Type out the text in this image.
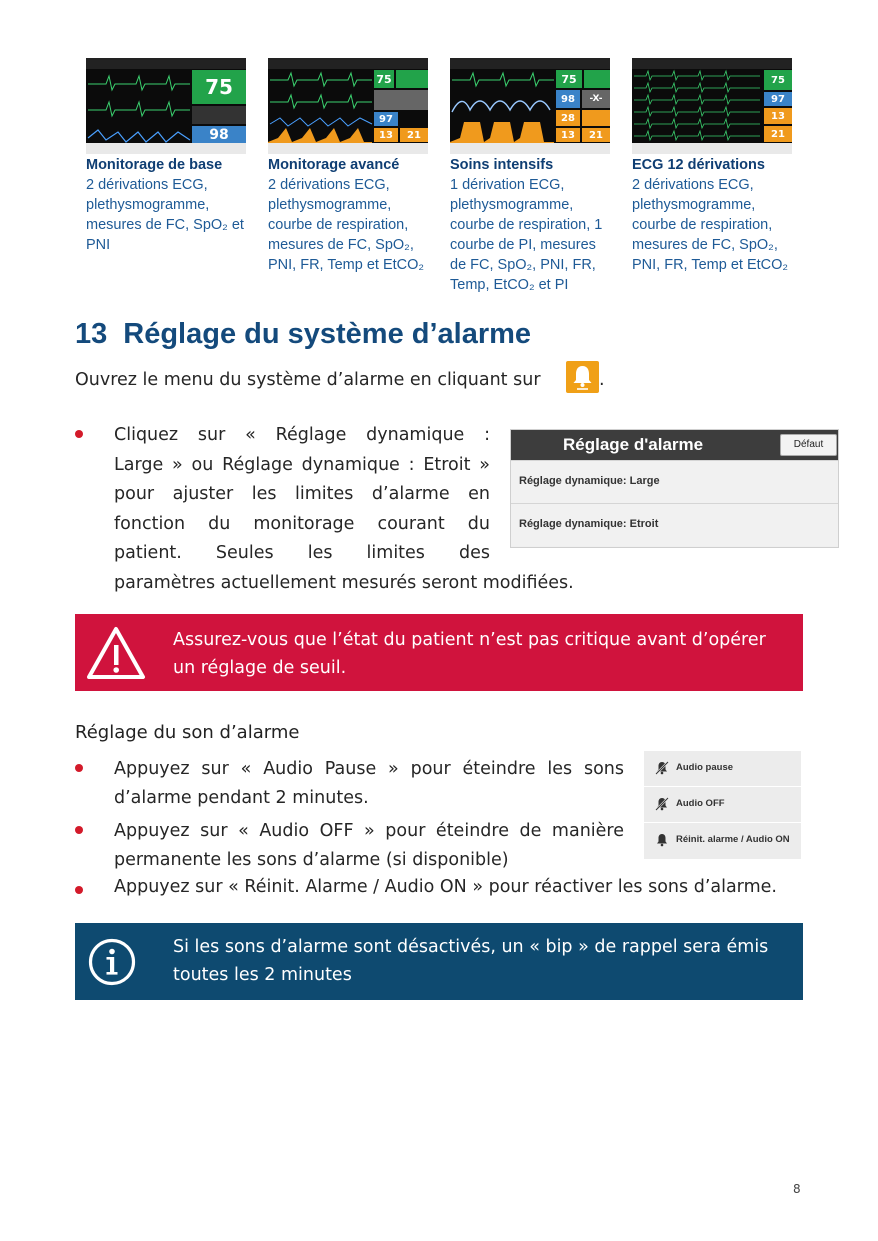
75
98
75
97
13 21
75
98 -X-
28
13 21
75
97
13
21
Monitorage de base
2 dérivations ECG,
plethysmogramme,
mesures de FC, SpO₂ et
PNI
Monitorage avancé
2 dérivations ECG,
plethysmogramme,
courbe de respiration,
mesures de FC, SpO₂,
PNI, FR, Temp et EtCO₂
Soins intensifs
1 dérivation ECG,
plethysmogramme,
courbe de respiration, 1
courbe de PI, mesures
de FC, SpO₂, PNI, FR,
Temp, EtCO₂ et PI
ECG 12 dérivations
2 dérivations ECG,
plethysmogramme,
courbe de respiration,
mesures de FC, SpO₂,
PNI, FR, Temp et EtCO₂
13 Réglage du système d’alarme
Ouvrez le menu du système d’alarme en cliquant sur	.
Cliquez sur « Réglage dynamique :
Large » ou Réglage dynamique : Etroit »
pour ajuster les limites d’alarme en
fonction du monitorage courant du
patient. Seules les limites des
paramètres actuellement mesurés seront modifiées.
Réglage d'alarme	Défaut
Réglage dynamique: Large
Réglage dynamique: Etroit
Assurez-vous que l’état du patient n’est pas critique avant d’opérer
un réglage de seuil.
Réglage du son d’alarme
Appuyez sur « Audio Pause » pour éteindre les sons
d’alarme pendant 2 minutes.
Appuyez sur « Audio OFF » pour éteindre de manière
permanente les sons d’alarme (si disponible)
Appuyez sur « Réinit. Alarme / Audio ON » pour réactiver les sons d’alarme.
Audio pause
Audio OFF
Réinit. alarme / Audio ON
Si les sons d’alarme sont désactivés, un « bip » de rappel sera émis
toutes les 2 minutes
8
